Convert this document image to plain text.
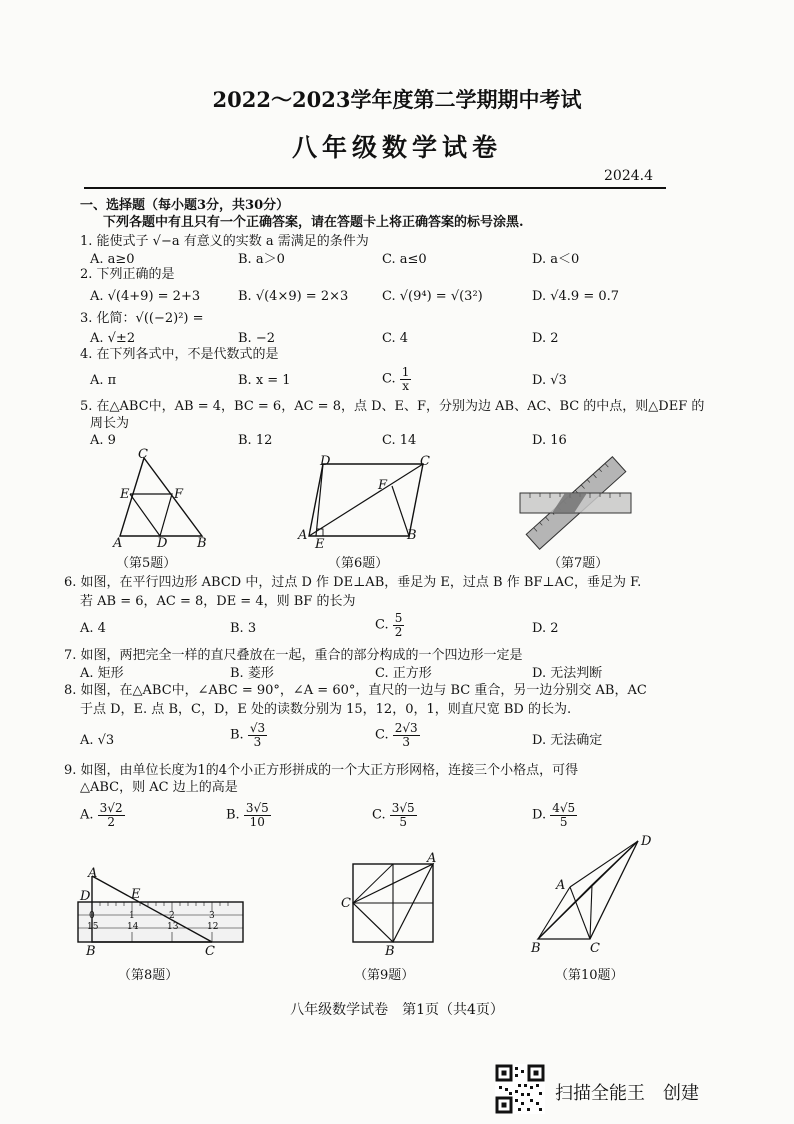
2022～2023学年度第二学期期中考试
八年级数学试卷
2024.4
一、选择题（每小题3分，共30分）
下列各题中有且只有一个正确答案，请在答题卡上将正确答案的标号涂黑.
1. 能使式子 √−a 有意义的实数 a 需满足的条件为
A. a≥0	B. a＞0	C. a≤0	D. a＜0
2. 下列正确的是
A. √(4+9) = 2+3	B. √(4×9) = 2×3	C. √(9⁴) = √(3²)	D. √4.9 = 0.7
3. 化简：√((−2)²) =
A. √±2	B. −2	C. 4	D. 2
4. 在下列各式中，不是代数式的是
A. π	B. x = 1	C. $\frac{1}{x}$	D. √3
5. 在△ABC中，AB = 4，BC = 6，AC = 8，点 D、E、F，分别为边 AB、AC、BC 的中点，则△DEF 的
周长为
A. 9	B. 12	C. 14	D. 16
C
E	F
A	D B
（第5题）
D	C
F
A
E
B
（第6题）	（第7题）
6. 如图，在平行四边形 ABCD 中，过点 D 作 DE⊥AB，垂足为 E，过点 B 作 BF⊥AC，垂足为 F.
若 AB = 6，AC = 8，DE = 4，则 BF 的长为
A. 4	B. 3	C. $\frac{5}{2}$	D. 2
7. 如图，两把完全一样的直尺叠放在一起，重合的部分构成的一个四边形一定是
A. 矩形	B. 菱形	C. 正方形	D. 无法判断
8. 如图，在△ABC中，∠ABC = 90°，∠A = 60°，直尺的一边与 BC 重合，另一边分别交 AB，AC
于点 D，E. 点 B，C，D，E 处的读数分别为 15，12，0，1，则直尺宽 BD 的长为.
A. √3	B. $\frac{√3}{3}$	C. $\frac{2√3}{3}$	D. 无法确定
9. 如图，由单位长度为1的4个小正方形拼成的一个大正方形网格，连接三个小格点，可得
△ABC，则 AC 边上的高是
A. $\frac{3√2}{2}$	B. $\frac{3√5}{10}$	C. $\frac{3√5}{5}$	D. $\frac{4√5}{5}$
A
D	E
0	1	2	3
15	14	13	12
B	C
（第8题）
A
C
B
（第9题）
D
A
B	C
（第10题）
八年级数学试卷　第1页（共4页）
扫描全能王　创建
